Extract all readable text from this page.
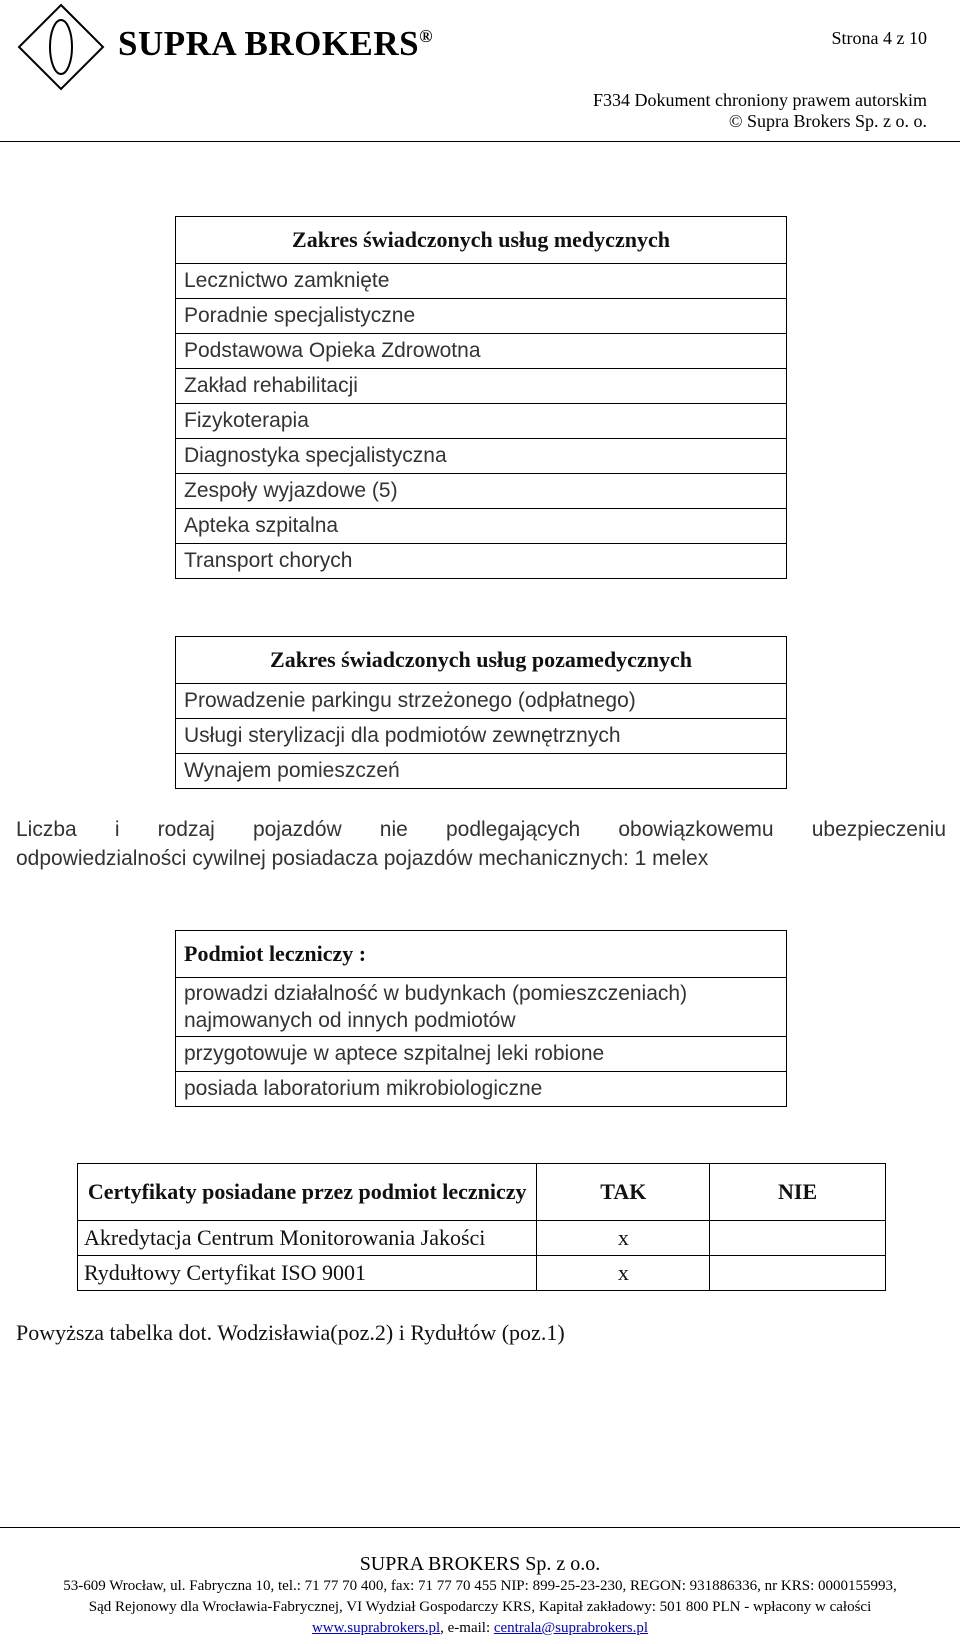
SUPRA BROKERS®	Strona 4 z 10
F334 Dokument chroniony prawem autorskim
© Supra Brokers Sp. z o. o.
Zakres świadczonych usług medycznych
Lecznictwo zamknięte
Poradnie specjalistyczne
Podstawowa Opieka Zdrowotna
Zakład rehabilitacji
Fizykoterapia
Diagnostyka specjalistyczna
Zespoły wyjazdowe (5)
Apteka szpitalna
Transport chorych
Zakres świadczonych usług pozamedycznych
Prowadzenie parkingu strzeżonego (odpłatnego)
Usługi sterylizacji dla podmiotów zewnętrznych
Wynajem pomieszczeń
Liczba i rodzaj pojazdów nie podlegających obowiązkowemu ubezpieczeniu
odpowiedzialności cywilnej posiadacza pojazdów mechanicznych: 1 melex
Podmiot leczniczy :
prowadzi działalność w budynkach (pomieszczeniach) najmowanych od innych podmiotów
przygotowuje w aptece szpitalnej leki robione
posiada laboratorium mikrobiologiczne
Certyfikaty posiadane przez podmiot leczniczy	TAK	NIE
Akredytacja Centrum Monitorowania Jakości	x	
Rydułtowy Certyfikat ISO 9001	x	
Powyższa tabelka dot. Wodzisławia(poz.2) i Rydułtów (poz.1)
SUPRA BROKERS Sp. z o.o.
53-609 Wrocław, ul. Fabryczna 10, tel.: 71 77 70 400, fax: 71 77 70 455 NIP: 899-25-23-230, REGON: 931886336, nr KRS: 0000155993,
Sąd Rejonowy dla Wrocławia-Fabrycznej, VI Wydział Gospodarczy KRS, Kapitał zakładowy: 501 800 PLN - wpłacony w całości
www.suprabrokers.pl, e-mail: centrala@suprabrokers.pl
